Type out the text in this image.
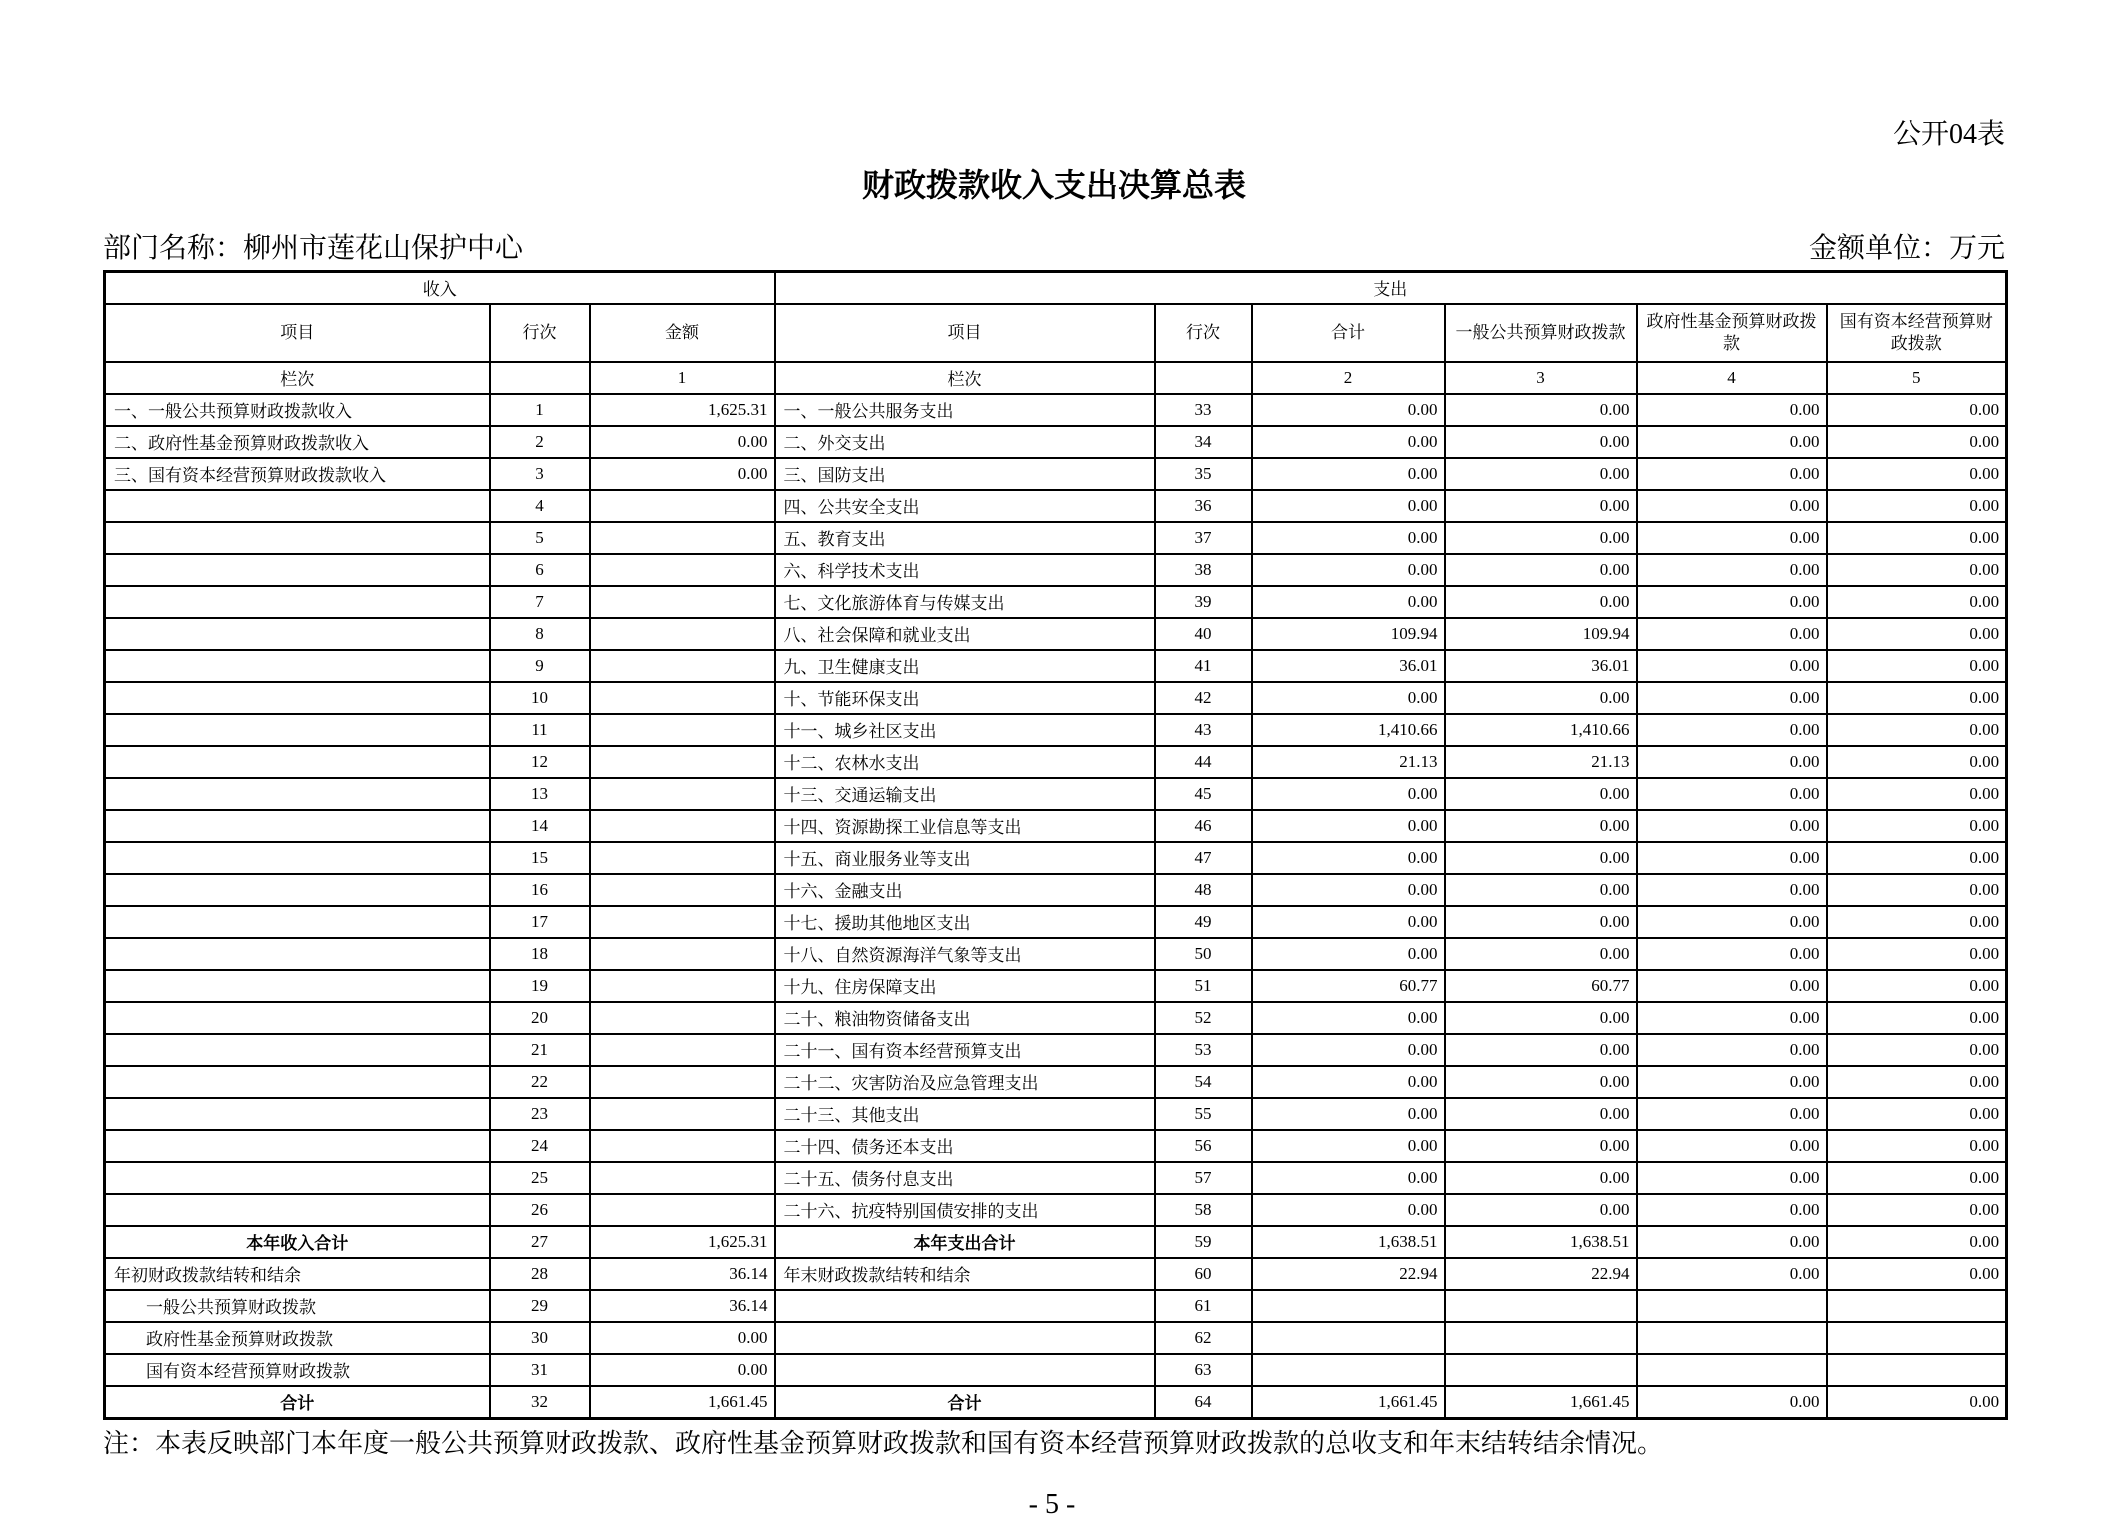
公开04表
财政拨款收入支出决算总表
部门名称：柳州市莲花山保护中心	金额单位：万元
收入			支出					
项目	行次	金额	项目	行次	合计	一般公共预算财政拨款	政府性基金预算财政拨款	国有资本经营预算财政拨款
栏次		1	栏次		2	3	4	5
一、一般公共预算财政拨款收入	1	1,625.31	一、一般公共服务支出	33	0.00	0.00	0.00	0.00
二、政府性基金预算财政拨款收入	2	0.00	二、外交支出	34	0.00	0.00	0.00	0.00
三、国有资本经营预算财政拨款收入	3	0.00	三、国防支出	35	0.00	0.00	0.00	0.00
	4		四、公共安全支出	36	0.00	0.00	0.00	0.00
	5		五、教育支出	37	0.00	0.00	0.00	0.00
	6		六、科学技术支出	38	0.00	0.00	0.00	0.00
	7		七、文化旅游体育与传媒支出	39	0.00	0.00	0.00	0.00
	8		八、社会保障和就业支出	40	109.94	109.94	0.00	0.00
	9		九、卫生健康支出	41	36.01	36.01	0.00	0.00
	10		十、节能环保支出	42	0.00	0.00	0.00	0.00
	11		十一、城乡社区支出	43	1,410.66	1,410.66	0.00	0.00
	12		十二、农林水支出	44	21.13	21.13	0.00	0.00
	13		十三、交通运输支出	45	0.00	0.00	0.00	0.00
	14		十四、资源勘探工业信息等支出	46	0.00	0.00	0.00	0.00
	15		十五、商业服务业等支出	47	0.00	0.00	0.00	0.00
	16		十六、金融支出	48	0.00	0.00	0.00	0.00
	17		十七、援助其他地区支出	49	0.00	0.00	0.00	0.00
	18		十八、自然资源海洋气象等支出	50	0.00	0.00	0.00	0.00
	19		十九、住房保障支出	51	60.77	60.77	0.00	0.00
	20		二十、粮油物资储备支出	52	0.00	0.00	0.00	0.00
	21		二十一、国有资本经营预算支出	53	0.00	0.00	0.00	0.00
	22		二十二、灾害防治及应急管理支出	54	0.00	0.00	0.00	0.00
	23		二十三、其他支出	55	0.00	0.00	0.00	0.00
	24		二十四、债务还本支出	56	0.00	0.00	0.00	0.00
	25		二十五、债务付息支出	57	0.00	0.00	0.00	0.00
	26		二十六、抗疫特别国债安排的支出	58	0.00	0.00	0.00	0.00
本年收入合计	27	1,625.31	本年支出合计	59	1,638.51	1,638.51	0.00	0.00
年初财政拨款结转和结余	28	36.14	年末财政拨款结转和结余	60	22.94	22.94	0.00	0.00
一般公共预算财政拨款	29	36.14		61				
政府性基金预算财政拨款	30	0.00		62				
国有资本经营预算财政拨款	31	0.00		63				
合计	32	1,661.45	合计	64	1,661.45	1,661.45	0.00	0.00
注：本表反映部门本年度一般公共预算财政拨款、政府性基金预算财政拨款和国有资本经营预算财政拨款的总收支和年末结转结余情况。
- 5 -
